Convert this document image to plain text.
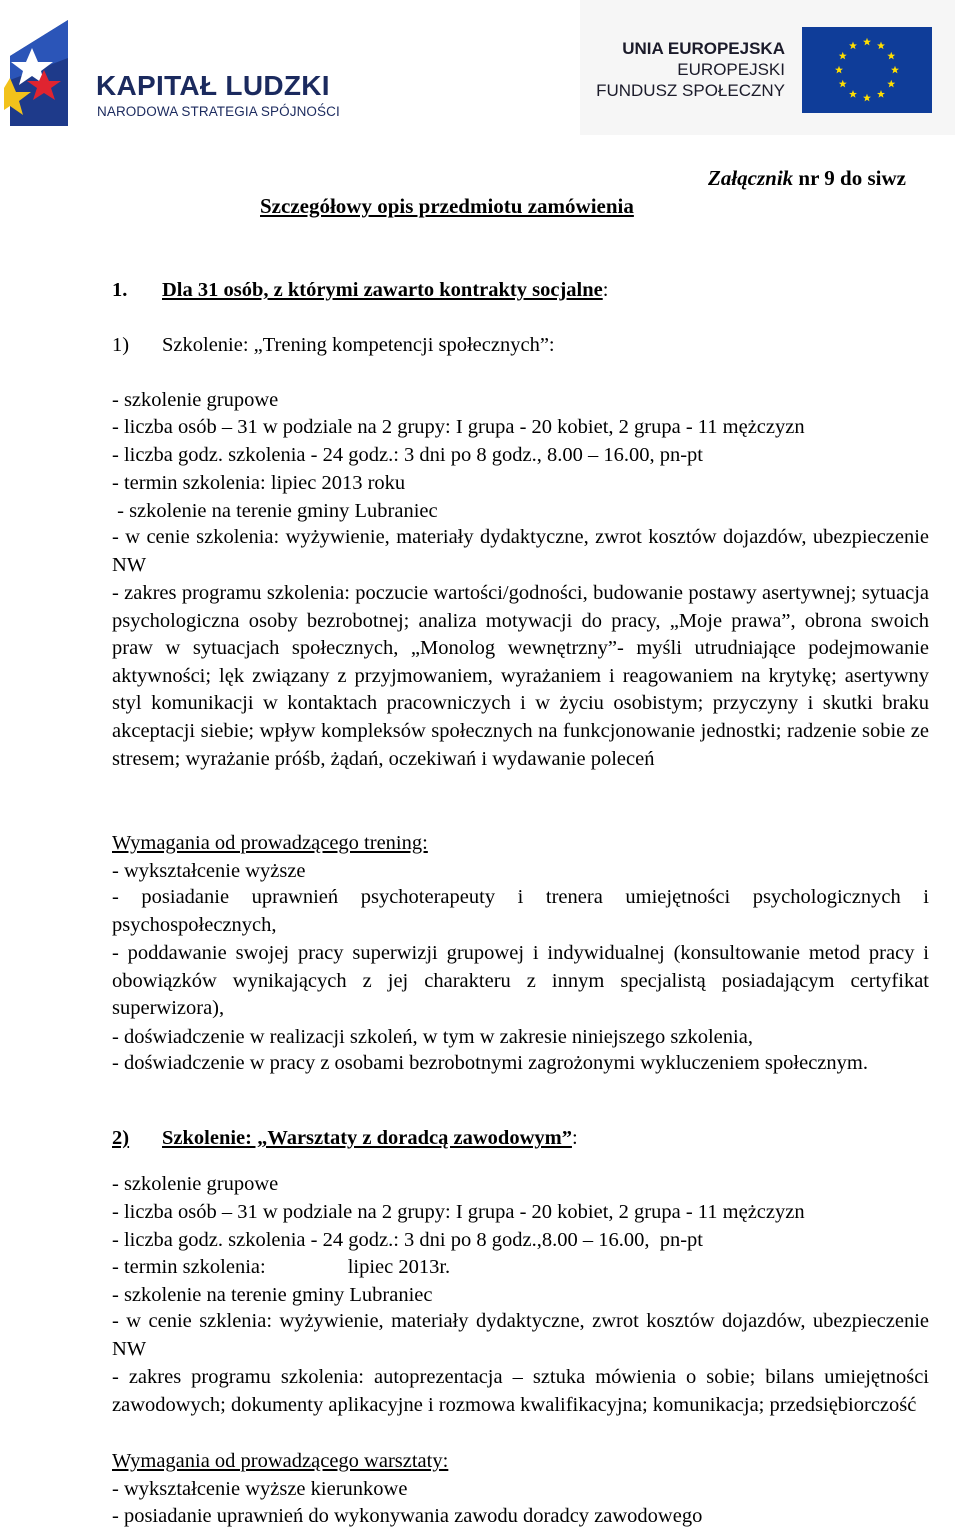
KAPITAŁ LUDZKI
NARODOWA STRATEGIA SPÓJNOŚCI
UNIA EUROPEJSKA
EUROPEJSKI
FUNDUSZ SPOŁECZNY
Załącznik nr 9 do siwz
Szczegółowy opis przedmiotu zamówienia
1. Dla 31 osób, z którymi zawarto kontrakty socjalne:
1) Szkolenie: „Trening kompetencji społecznych”:
- szkolenie grupowe
- liczba osób – 31 w podziale na 2 grupy: I grupa - 20 kobiet, 2 grupa - 11 mężczyzn
- liczba godz. szkolenia - 24 godz.: 3 dni po 8 godz., 8.00 – 16.00, pn-pt
- termin szkolenia: lipiec 2013 roku
- szkolenie na terenie gminy Lubraniec
- w cenie szkolenia: wyżywienie, materiały dydaktyczne, zwrot kosztów dojazdów, ubezpieczenie NW
- zakres programu szkolenia: poczucie wartości/godności, budowanie postawy asertywnej; sytuacja psychologiczna osoby bezrobotnej; analiza motywacji do pracy, „Moje prawa”, obrona swoich praw w sytuacjach społecznych, „Monolog wewnętrzny”- myśli utrudniające podejmowanie aktywności; lęk związany z przyjmowaniem, wyrażaniem i reagowaniem na krytykę; asertywny styl komunikacji w kontaktach pracowniczych i w życiu osobistym; przyczyny i skutki braku akceptacji siebie; wpływ kompleksów społecznych na funkcjonowanie jednostki; radzenie sobie ze stresem; wyrażanie próśb, żądań, oczekiwań i wydawanie poleceń
Wymagania od prowadzącego trening:
- wykształcenie wyższe
- posiadanie uprawnień psychoterapeuty i trenera umiejętności psychologicznych i psychospołecznych,
- poddawanie swojej pracy superwizji grupowej i indywidualnej (konsultowanie metod pracy i obowiązków wynikających z jej charakteru z innym specjalistą posiadającym certyfikat superwizora),
- doświadczenie w realizacji szkoleń, w tym w zakresie niniejszego szkolenia,
- doświadczenie w pracy z osobami bezrobotnymi zagrożonymi wykluczeniem społecznym.
2) Szkolenie: „Warsztaty z doradcą zawodowym”:
- szkolenie grupowe
- liczba osób – 31 w podziale na 2 grupy: I grupa - 20 kobiet, 2 grupa - 11 mężczyzn
- liczba godz. szkolenia - 24 godz.: 3 dni po 8 godz.,8.00 – 16.00,  pn-pt
- termin szkolenia:                lipiec 2013r.
- szkolenie na terenie gminy Lubraniec
- w cenie szklenia: wyżywienie, materiały dydaktyczne, zwrot kosztów dojazdów, ubezpieczenie NW
- zakres programu szkolenia: autoprezentacja – sztuka mówienia o sobie; bilans umiejętności zawodowych; dokumenty aplikacyjne i rozmowa kwalifikacyjna; komunikacja; przedsiębiorczość
Wymagania od prowadzącego warsztaty:
- wykształcenie wyższe kierunkowe
- posiadanie uprawnień do wykonywania zawodu doradcy zawodowego
